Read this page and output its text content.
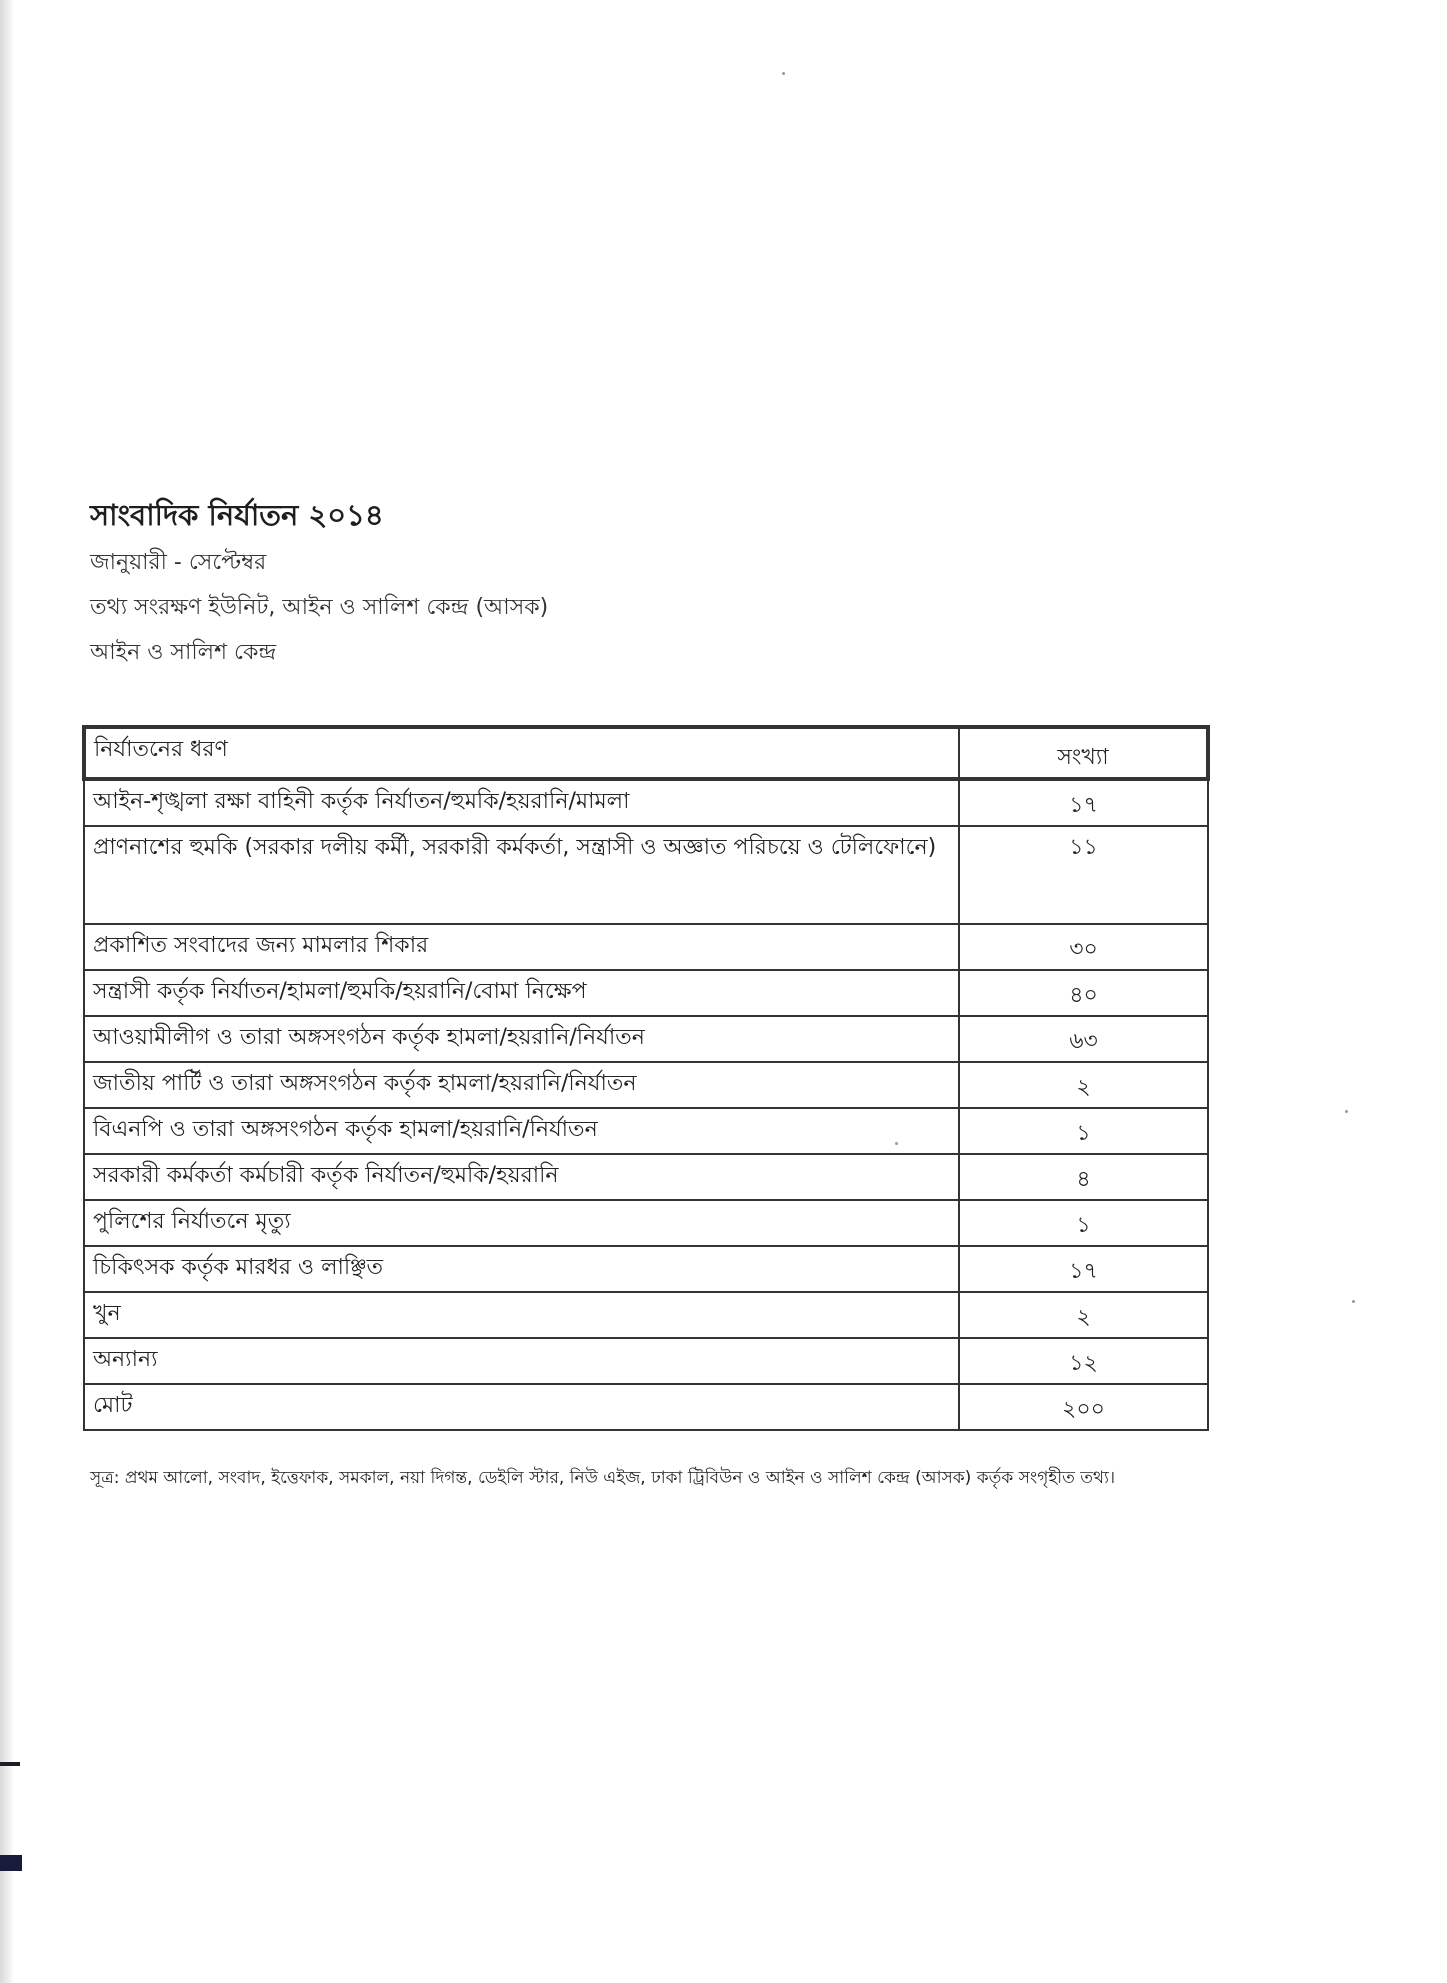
সাংবাদিক নির্যাতন ২০১৪
জানুয়ারী - সেপ্টেম্বর
তথ্য সংরক্ষণ ইউনিট, আইন ও সালিশ কেন্দ্র (আসক)
আইন ও সালিশ কেন্দ্র
নির্যাতনের ধরণ	সংখ্যা
আইন-শৃঙ্খলা রক্ষা বাহিনী কর্তৃক নির্যাতন/হুমকি/হয়রানি/মামলা	১৭
প্রাণনাশের হুমকি (সরকার দলীয় কর্মী, সরকারী কর্মকর্তা, সন্ত্রাসী ও অজ্ঞাত পরিচয়ে ও টেলিফোনে)	১১
প্রকাশিত সংবাদের জন্য মামলার শিকার	৩০
সন্ত্রাসী কর্তৃক নির্যাতন/হামলা/হুমকি/হয়রানি/বোমা নিক্ষেপ	৪০
আওয়ামীলীগ ও তারা অঙ্গসংগঠন কর্তৃক হামলা/হয়রানি/নির্যাতন	৬৩
জাতীয় পার্টি ও তারা অঙ্গসংগঠন কর্তৃক হামলা/হয়রানি/নির্যাতন	২
বিএনপি ও তারা অঙ্গসংগঠন কর্তৃক হামলা/হয়রানি/নির্যাতন	১
সরকারী কর্মকর্তা কর্মচারী কর্তৃক নির্যাতন/হুমকি/হয়রানি	৪
পুলিশের নির্যাতনে মৃত্যু	১
চিকিৎসক কর্তৃক মারধর ও লাঞ্ছিত	১৭
খুন	২
অন্যান্য	১২
মোট	২০০
সূত্র: প্রথম আলো, সংবাদ, ইত্তেফাক, সমকাল, নয়া দিগন্ত, ডেইলি স্টার, নিউ এইজ, ঢাকা ট্রিবিউন ও আইন ও সালিশ কেন্দ্র (আসক) কর্তৃক সংগৃহীত তথ্য।
